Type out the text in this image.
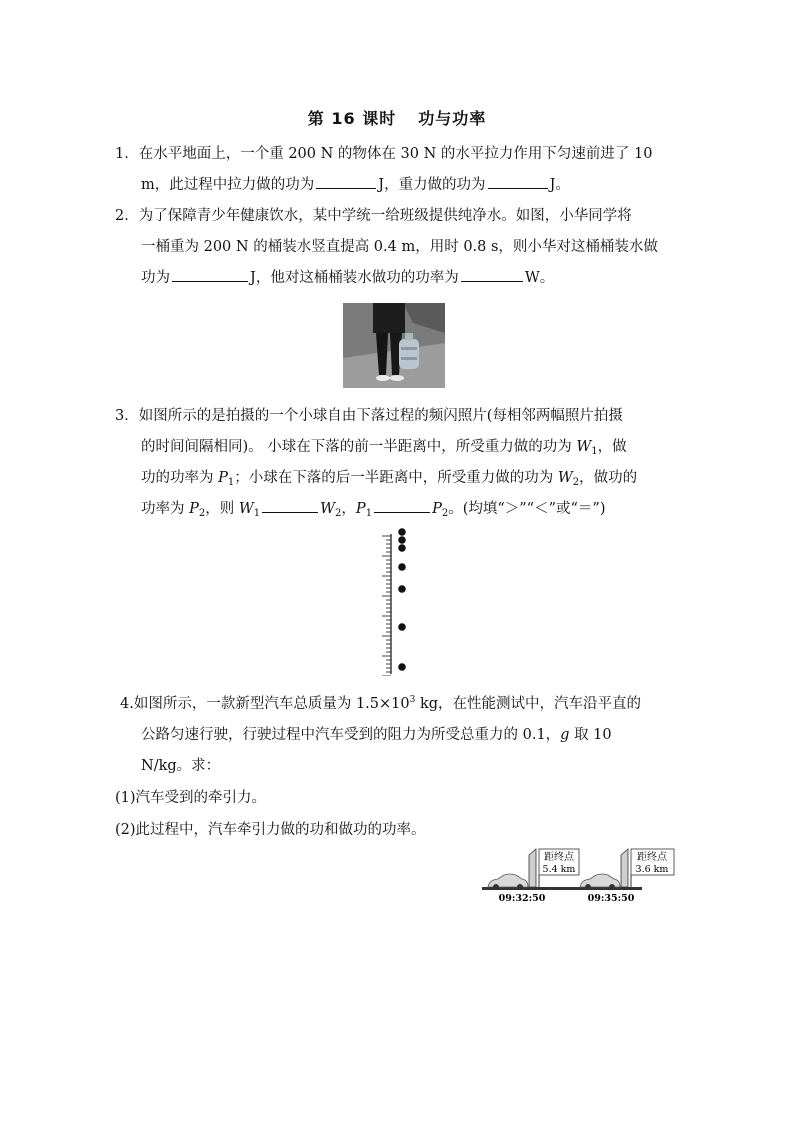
第 16 课时 功与功率
1．在水平地面上，一个重 200 N 的物体在 30 N 的水平拉力作用下匀速前进了 10
m，此过程中拉力做的功为	J，重力做的功为	J。
2．为了保障青少年健康饮水，某中学统一给班级提供纯净水。如图，小华同学将
一桶重为 200 N 的桶装水竖直提高 0.4 m，用时 0.8 s，则小华对这桶桶装水做
功为	J，他对这桶桶装水做功的功率为	W。
3．如图所示的是拍摄的一个小球自由下落过程的频闪照片(每相邻两幅照片拍摄
的时间间隔相同)。 小球在下落的前一半距离中，所受重力做的功为 $W_1$，做
功的功率为 $P_1$；小球在下落的后一半距离中，所受重力做的功为 $W_2$，做功的
功率为 $P_2$，则 $W_1$	$W_2$，$P_1$	$P_2$。(均填“＞”“＜”或“＝”)
4.如图所示，一款新型汽车总质量为 $1.5\times 10^3$ kg，在性能测试中，汽车沿平直的
公路匀速行驶，行驶过程中汽车受到的阻力为所受总重力的 0.1，g 取 10
N/kg。求：
(1)汽车受到的牵引力。
(2)此过程中，汽车牵引力做的功和做功的功率。
距终点
5.4 km
距终点
3.6 km
09:32:50	09:35:50
